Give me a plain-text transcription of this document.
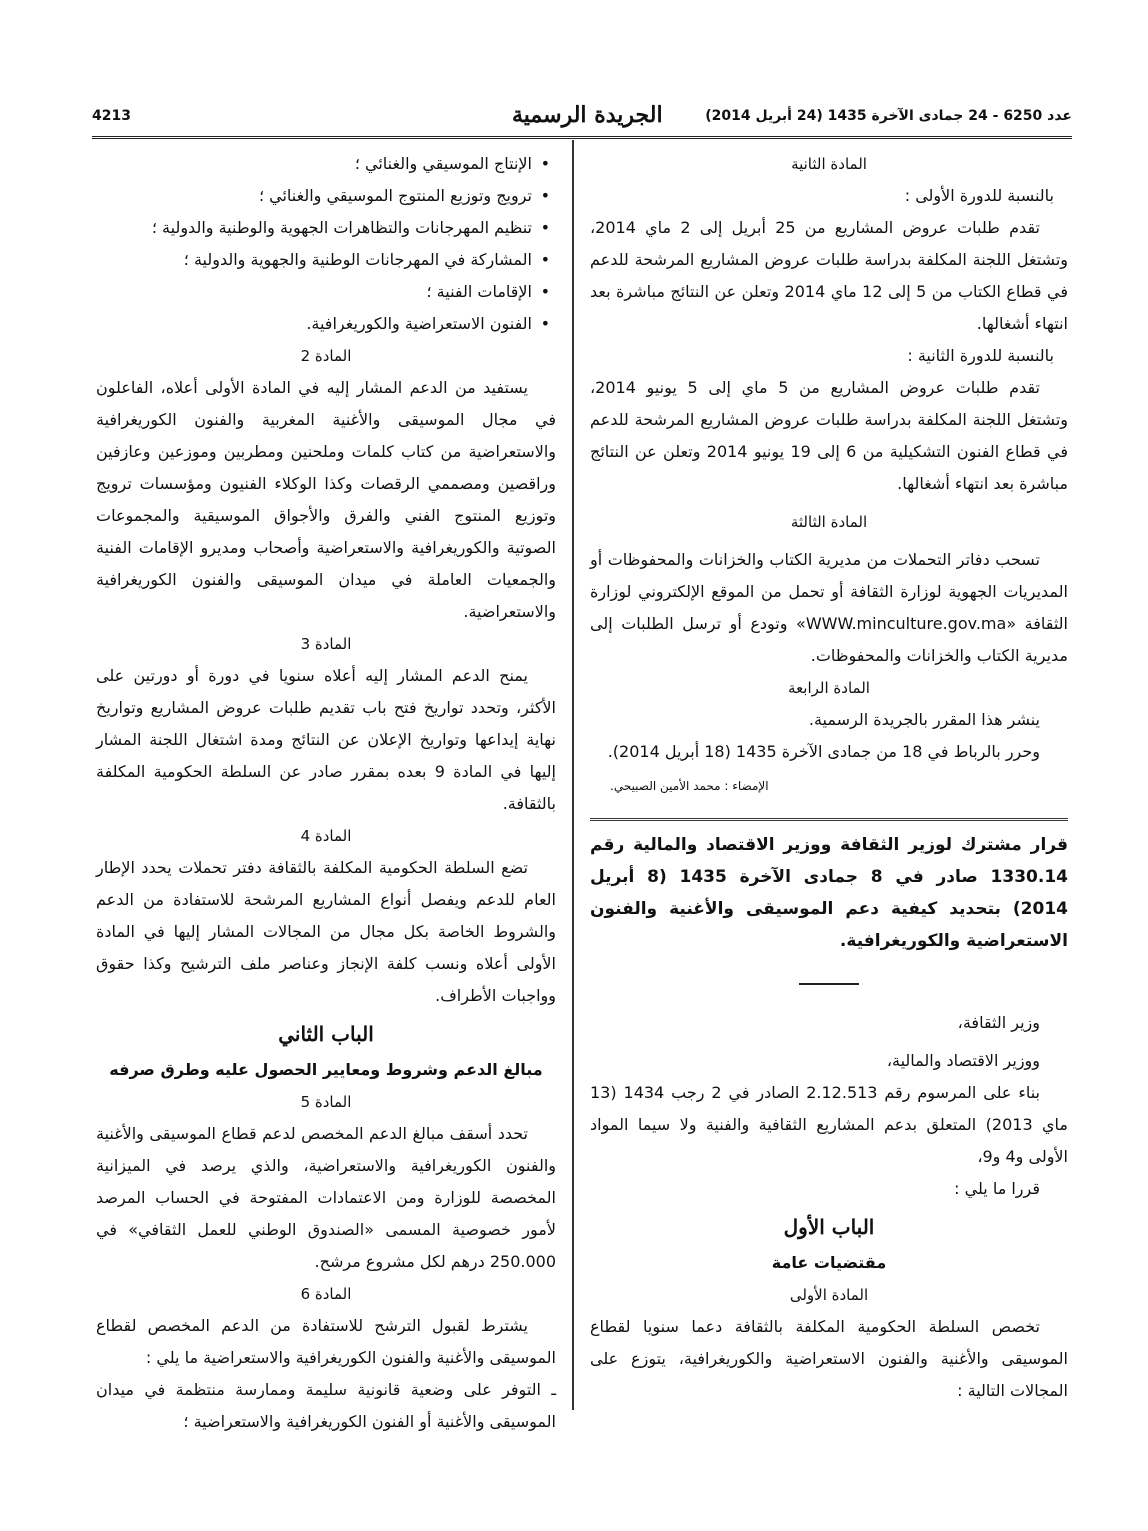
عدد 6250 - 24 جمادى الآخرة 1435 (24 أبريل 2014)
الجريدة الرسمية
4213

المادة الثانية

بالنسبة للدورة الأولى :

تقدم طلبات عروض المشاريع من 25 أبريل إلى 2 ماي 2014، وتشتغل اللجنة المكلفة بدراسة طلبات عروض المشاريع المرشحة للدعم في قطاع الكتاب من 5 إلى 12 ماي 2014 وتعلن عن النتائج مباشرة بعد انتهاء أشغالها.

بالنسبة للدورة الثانية :

تقدم طلبات عروض المشاريع من 5 ماي إلى 5 يونيو 2014، وتشتغل اللجنة المكلفة بدراسة طلبات عروض المشاريع المرشحة للدعم في قطاع الفنون التشكيلية من 6 إلى 19 يونيو 2014 وتعلن عن النتائج مباشرة بعد انتهاء أشغالها.

المادة الثالثة

تسحب دفاتر التحملات من مديرية الكتاب والخزانات والمحفوظات أو المديريات الجهوية لوزارة الثقافة أو تحمل من الموقع الإلكتروني لوزارة الثقافة «WWW.minculture.gov.ma» وتودع أو ترسل الطلبات إلى مديرية الكتاب والخزانات والمحفوظات.

المادة الرابعة

ينشر هذا المقرر بالجريدة الرسمية.

وحرر بالرباط في 18 من جمادى الآخرة 1435 (18 أبريل 2014).

الإمضاء : محمد الأمين الصبيحي.

قرار مشترك لوزير الثقافة ووزير الاقتصاد والمالية رقم 1330.14 صادر في 8 جمادى الآخرة 1435 (8 أبريل 2014) بتحديد كيفية دعم الموسيقى والأغنية والفنون الاستعراضية والكوريغرافية.

وزير الثقافة،

ووزير الاقتصاد والمالية،

بناء على المرسوم رقم 2.12.513 الصادر في 2 رجب 1434 (13 ماي 2013) المتعلق بدعم المشاريع الثقافية والفنية ولا سيما المواد الأولى و4 و9،

قررا ما يلي :

الباب الأول

مقتضيات عامة

المادة الأولى

تخصص السلطة الحكومية المكلفة بالثقافة دعما سنويا لقطاع الموسيقى والأغنية والفنون الاستعراضية والكوريغرافية، يتوزع على المجالات التالية :

• الإنتاج الموسيقي والغنائي ؛
• ترويج وتوزيع المنتوج الموسيقي والغنائي ؛
• تنظيم المهرجانات والتظاهرات الجهوية والوطنية والدولية ؛
• المشاركة في المهرجانات الوطنية والجهوية والدولية ؛
• الإقامات الفنية ؛
• الفنون الاستعراضية والكوريغرافية.

المادة 2

يستفيد من الدعم المشار إليه في المادة الأولى أعلاه، الفاعلون في مجال الموسيقى والأغنية المغربية والفنون الكوريغرافية والاستعراضية من كتاب كلمات وملحنين ومطربين وموزعين وعازفين وراقصين ومصممي الرقصات وكذا الوكلاء الفنيون ومؤسسات ترويج وتوزيع المنتوج الفني والفرق والأجواق الموسيقية والمجموعات الصوتية والكوريغرافية والاستعراضية وأصحاب ومديرو الإقامات الفنية والجمعيات العاملة في ميدان الموسيقى والفنون الكوريغرافية والاستعراضية.

المادة 3

يمنح الدعم المشار إليه أعلاه سنويا في دورة أو دورتين على الأكثر، وتحدد تواريخ فتح باب تقديم طلبات عروض المشاريع وتواريخ نهاية إيداعها وتواريخ الإعلان عن النتائج ومدة اشتغال اللجنة المشار إليها في المادة 9 بعده بمقرر صادر عن السلطة الحكومية المكلفة بالثقافة.

المادة 4

تضع السلطة الحكومية المكلفة بالثقافة دفتر تحملات يحدد الإطار العام للدعم ويفصل أنواع المشاريع المرشحة للاستفادة من الدعم والشروط الخاصة بكل مجال من المجالات المشار إليها في المادة الأولى أعلاه ونسب كلفة الإنجاز وعناصر ملف الترشيح وكذا حقوق وواجبات الأطراف.

الباب الثاني

مبالغ الدعم وشروط ومعايير الحصول عليه وطرق صرفه

المادة 5

تحدد أسقف مبالغ الدعم المخصص لدعم قطاع الموسيقى والأغنية والفنون الكوريغرافية والاستعراضية، والذي يرصد في الميزانية المخصصة للوزارة ومن الاعتمادات المفتوحة في الحساب المرصد لأمور خصوصية المسمى «الصندوق الوطني للعمل الثقافي» في 250.000 درهم لكل مشروع مرشح.

المادة 6

يشترط لقبول الترشح للاستفادة من الدعم المخصص لقطاع الموسيقى والأغنية والفنون الكوريغرافية والاستعراضية ما يلي :

ـ التوفر على وضعية قانونية سليمة وممارسة منتظمة في ميدان الموسيقى والأغنية أو الفنون الكوريغرافية والاستعراضية ؛
